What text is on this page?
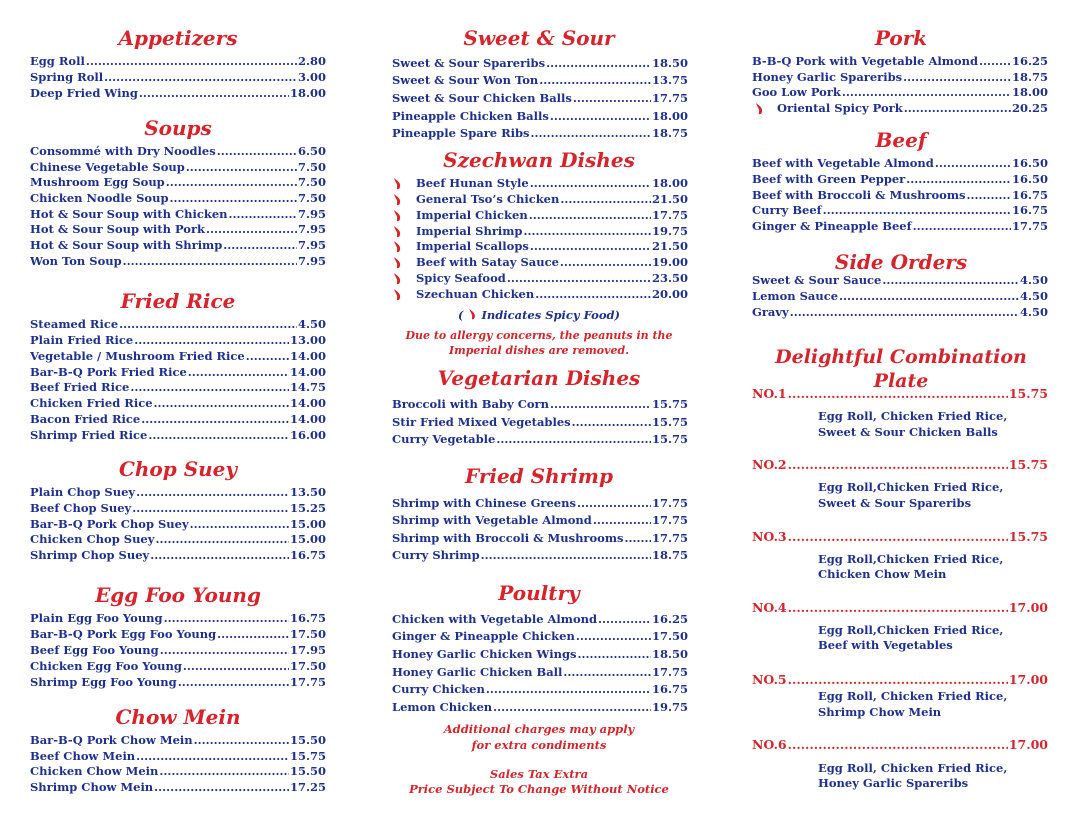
Appetizers
Egg Roll .....	2.80
Spring Roll .....	3.00
Deep Fried Wing .....	18.00
Soups
Consommé with Dry Noodles .....	6.50
Chinese Vegetable Soup .....	7.50
Mushroom Egg Soup .....	7.50
Chicken Noodle Soup .....	7.50
Hot & Sour Soup with Chicken .....	7.95
Hot & Sour Soup with Pork .....	7.95
Hot & Sour Soup with Shrimp .....	7.95
Won Ton Soup .....	7.95
Fried Rice
Steamed Rice .....	4.50
Plain Fried Rice .....	13.00
Vegetable / Mushroom Fried Rice .....	14.00
Bar-B-Q Pork Fried Rice .....	14.00
Beef Fried Rice .....	14.75
Chicken Fried Rice .....	14.00
Bacon Fried Rice .....	14.00
Shrimp Fried Rice .....	16.00
Chop Suey
Plain Chop Suey .....	13.50
Beef Chop Suey .....	15.25
Bar-B-Q Pork Chop Suey .....	15.00
Chicken Chop Suey .....	15.00
Shrimp Chop Suey .....	16.75
Egg Foo Young
Plain Egg Foo Young .....	16.75
Bar-B-Q Pork Egg Foo Young .....	17.50
Beef Egg Foo Young .....	17.95
Chicken Egg Foo Young .....	17.50
Shrimp Egg Foo Young .....	17.75
Chow Mein
Bar-B-Q Pork Chow Mein .....	15.50
Beef Chow Mein .....	15.75
Chicken Chow Mein .....	15.50
Shrimp Chow Mein .....	17.25
Sweet & Sour
Sweet & Sour Spareribs .....	18.50
Sweet & Sour Won Ton .....	13.75
Sweet & Sour Chicken Balls .....	17.75
Pineapple Chicken Balls .....	18.00
Pineapple Spare Ribs .....	18.75
Szechwan Dishes
Beef Hunan Style .....	18.00
General Tso’s Chicken .....	21.50
Imperial Chicken .....	17.75
Imperial Shrimp .....	19.75
Imperial Scallops .....	21.50
Beef with Satay Sauce .....	19.00
Spicy Seafood .....	23.50
Szechuan Chicken .....	20.00
( Indicates Spicy Food)

Due to allergy concerns, the peanuts in the

Imperial dishes are removed.

Vegetarian Dishes
Broccoli with Baby Corn .....	15.75
Stir Fried Mixed Vegetables .....	15.75
Curry Vegetable .....	15.75
Fried Shrimp
Shrimp with Chinese Greens .....	17.75
Shrimp with Vegetable Almond .....	17.75
Shrimp with Broccoli & Mushrooms ..... 17.75
Curry Shrimp .....	18.75
Poultry
Chicken with Vegetable Almond .....	16.25
Ginger & Pineapple Chicken .....	17.50
Honey Garlic Chicken Wings .....	18.50
Honey Garlic Chicken Ball .....	17.75
Curry Chicken .....	16.75
Lemon Chicken .....	19.75

Additional charges may apply

for extra condiments

Sales Tax Extra

Price Subject To Change Without Notice

Pork
B-B-Q Pork with Vegetable Almond .....	16.25
Honey Garlic Spareribs .....	18.75
Goo Low Pork .....	18.00
Oriental Spicy Pork .....	20.25
Beef
Beef with Vegetable Almond .....	16.50
Beef with Green Pepper .....	16.50
Beef with Broccoli & Mushrooms .....	16.75
Curry Beef .....	16.75
Ginger & Pineapple Beef .....	17.75
Side Orders
Sweet & Sour Sauce .....	4.50
Lemon Sauce .....	4.50
Gravy .....	4.50
Delightful Combination Plate
NO.1 .....	15.75
Egg Roll, Chicken Fried Rice,
Sweet & Sour Chicken Balls
NO.2 .....	15.75
Egg Roll,Chicken Fried Rice,
Sweet & Sour Spareribs
NO.3 .....	15.75
Egg Roll,Chicken Fried Rice,
Chicken Chow Mein
NO.4 .....	17.00
Egg Roll,Chicken Fried Rice,
Beef with Vegetables
NO.5 .....	17.00
Egg Roll, Chicken Fried Rice,
Shrimp Chow Mein
NO.6 .....	17.00
Egg Roll, Chicken Fried Rice,
Honey Garlic Spareribs
